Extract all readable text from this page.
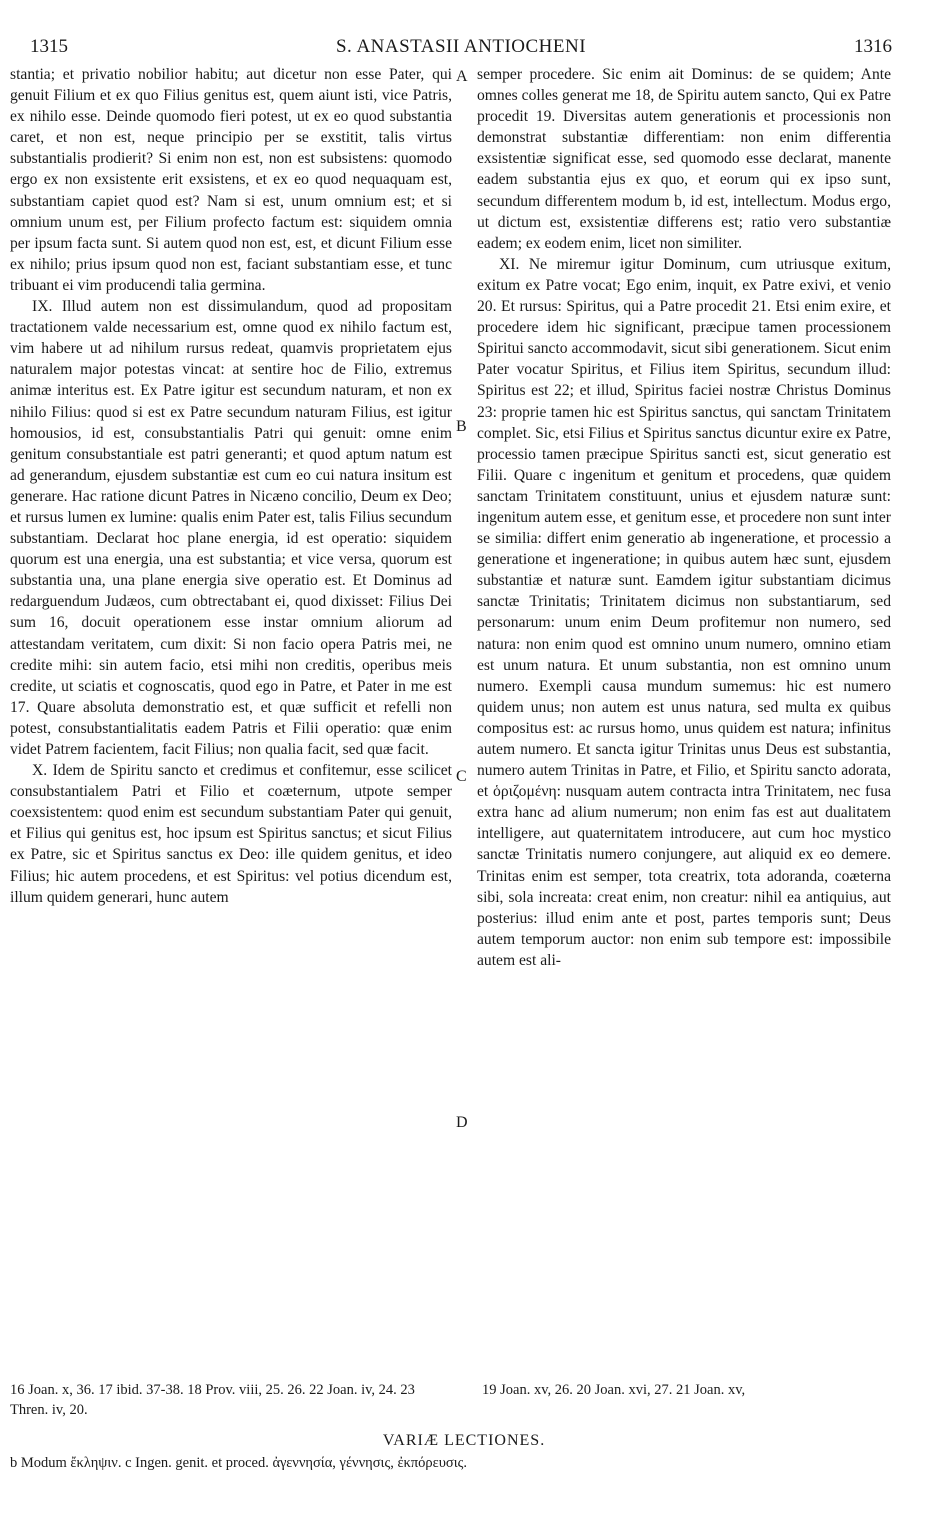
1315	S. ANASTASII ANTIOCHENI	1316
A
B
C
D

stantia; et privatio nobilior habitu; aut dicetur non esse Pater, qui genuit Filium et ex quo Filius genitus est, quem aiunt isti, vice Patris, ex nihilo esse. Deinde quomodo fieri potest, ut ex eo quod substantia caret, et non est, neque principio per se exstitit, talis virtus substantialis prodierit? Si enim non est, non est subsistens: quomodo ergo ex non exsistente erit exsistens, et ex eo quod nequaquam est, substantiam capiet quod est? Nam si est, unum omnium est; et si omnium unum est, per Filium profecto factum est: siquidem omnia per ipsum facta sunt. Si autem quod non est, est, et dicunt Filium esse ex nihilo; prius ipsum quod non est, faciant substantiam esse, et tunc tribuant ei vim producendi talia germina.

IX. Illud autem non est dissimulandum, quod ad propositam tractationem valde necessarium est, omne quod ex nihilo factum est, vim habere ut ad nihilum rursus redeat, quamvis proprietatem ejus naturalem major potestas vincat: at sentire hoc de Filio, extremus animæ interitus est. Ex Patre igitur est secundum naturam, et non ex nihilo Filius: quod si est ex Patre secundum naturam Filius, est igitur homousios, id est, consubstantialis Patri qui genuit: omne enim genitum consubstantiale est patri generanti; et quod aptum natum est ad generandum, ejusdem substantiæ est cum eo cui natura insitum est generare. Hac ratione dicunt Patres in Nicæno concilio, Deum ex Deo; et rursus lumen ex lumine: qualis enim Pater est, talis Filius secundum substantiam. Declarat hoc plane energia, id est operatio: siquidem quorum est una energia, una est substantia; et vice versa, quorum est substantia una, una plane energia sive operatio est. Et Dominus ad redarguendum Judæos, cum obtrectabant ei, quod dixisset: Filius Dei sum 16, docuit operationem esse instar omnium aliorum ad attestandam veritatem, cum dixit: Si non facio opera Patris mei, ne credite mihi: sin autem facio, etsi mihi non creditis, operibus meis credite, ut sciatis et cognoscatis, quod ego in Patre, et Pater in me est 17. Quare absoluta demonstratio est, et quæ sufficit et refelli non potest, consubstantialitatis eadem Patris et Filii operatio: quæ enim videt Patrem facientem, facit Filius; non qualia facit, sed quæ facit.

X. Idem de Spiritu sancto et credimus et confitemur, esse scilicet consubstantialem Patri et Filio et coæternum, utpote semper coexsistentem: quod enim est secundum substantiam Pater qui genuit, et Filius qui genitus est, hoc ipsum est Spiritus sanctus; et sicut Filius ex Patre, sic et Spiritus sanctus ex Deo: ille quidem genitus, et ideo Filius; hic autem procedens, et est Spiritus: vel potius dicendum est, illum quidem generari, hunc autem

semper procedere. Sic enim ait Dominus: de se quidem; Ante omnes colles generat me 18, de Spiritu autem sancto, Qui ex Patre procedit 19. Diversitas autem generationis et processionis non demonstrat substantiæ differentiam: non enim differentia exsistentiæ significat esse, sed quomodo esse declarat, manente eadem substantia ejus ex quo, et eorum qui ex ipso sunt, secundum differentem modum b, id est, intellectum. Modus ergo, ut dictum est, exsistentiæ differens est; ratio vero substantiæ eadem; ex eodem enim, licet non similiter.

XI. Ne miremur igitur Dominum, cum utriusque exitum, exitum ex Patre vocat; Ego enim, inquit, ex Patre exivi, et venio 20. Et rursus: Spiritus, qui a Patre procedit 21. Etsi enim exire, et procedere idem hic significant, præcipue tamen processionem Spiritui sancto accommodavit, sicut sibi generationem. Sicut enim Pater vocatur Spiritus, et Filius item Spiritus, secundum illud: Spiritus est 22; et illud, Spiritus faciei nostræ Christus Dominus 23: proprie tamen hic est Spiritus sanctus, qui sanctam Trinitatem complet. Sic, etsi Filius et Spiritus sanctus dicuntur exire ex Patre, processio tamen præcipue Spiritus sancti est, sicut generatio est Filii. Quare c ingenitum et genitum et procedens, quæ quidem sanctam Trinitatem constituunt, unius et ejusdem naturæ sunt: ingenitum autem esse, et genitum esse, et procedere non sunt inter se similia: differt enim generatio ab ingeneratione, et processio a generatione et ingeneratione; in quibus autem hæc sunt, ejusdem substantiæ et naturæ sunt. Eamdem igitur substantiam dicimus sanctæ Trinitatis; Trinitatem dicimus non substantiarum, sed personarum: unum enim Deum profitemur non numero, sed natura: non enim quod est omnino unum numero, omnino etiam est unum natura. Et unum substantia, non est omnino unum numero. Exempli causa mundum sumemus: hic est numero quidem unus; non autem est unus natura, sed multa ex quibus compositus est: ac rursus homo, unus quidem est natura; infinitus autem numero. Et sancta igitur Trinitas unus Deus est substantia, numero autem Trinitas in Patre, et Filio, et Spiritu sancto adorata, et ὁριζομένη: nusquam autem contracta intra Trinitatem, nec fusa extra hanc ad alium numerum; non enim fas est aut dualitatem intelligere, aut quaternitatem introducere, aut cum hoc mystico sanctæ Trinitatis numero conjungere, aut aliquid ex eo demere. Trinitas enim est semper, tota creatrix, tota adoranda, coæterna sibi, sola increata: creat enim, non creatur: nihil ea antiquius, aut posterius: illud enim ante et post, partes temporis sunt; Deus autem temporum auctor: non enim sub tempore est: impossibile autem est ali-

16 Joan. x, 36. 17 ibid. 37-38. 18 Prov. viii, 25. 26. 22 Joan. iv, 24. 23 Thren. iv, 20.
19 Joan. xv, 26. 20 Joan. xvi, 27. 21 Joan. xv,
VARIÆ LECTIONES.
b Modum ἔκληψιν. c Ingen. genit. et proced. ἀγεννησία, γέννησις, ἐκπόρευσις.
